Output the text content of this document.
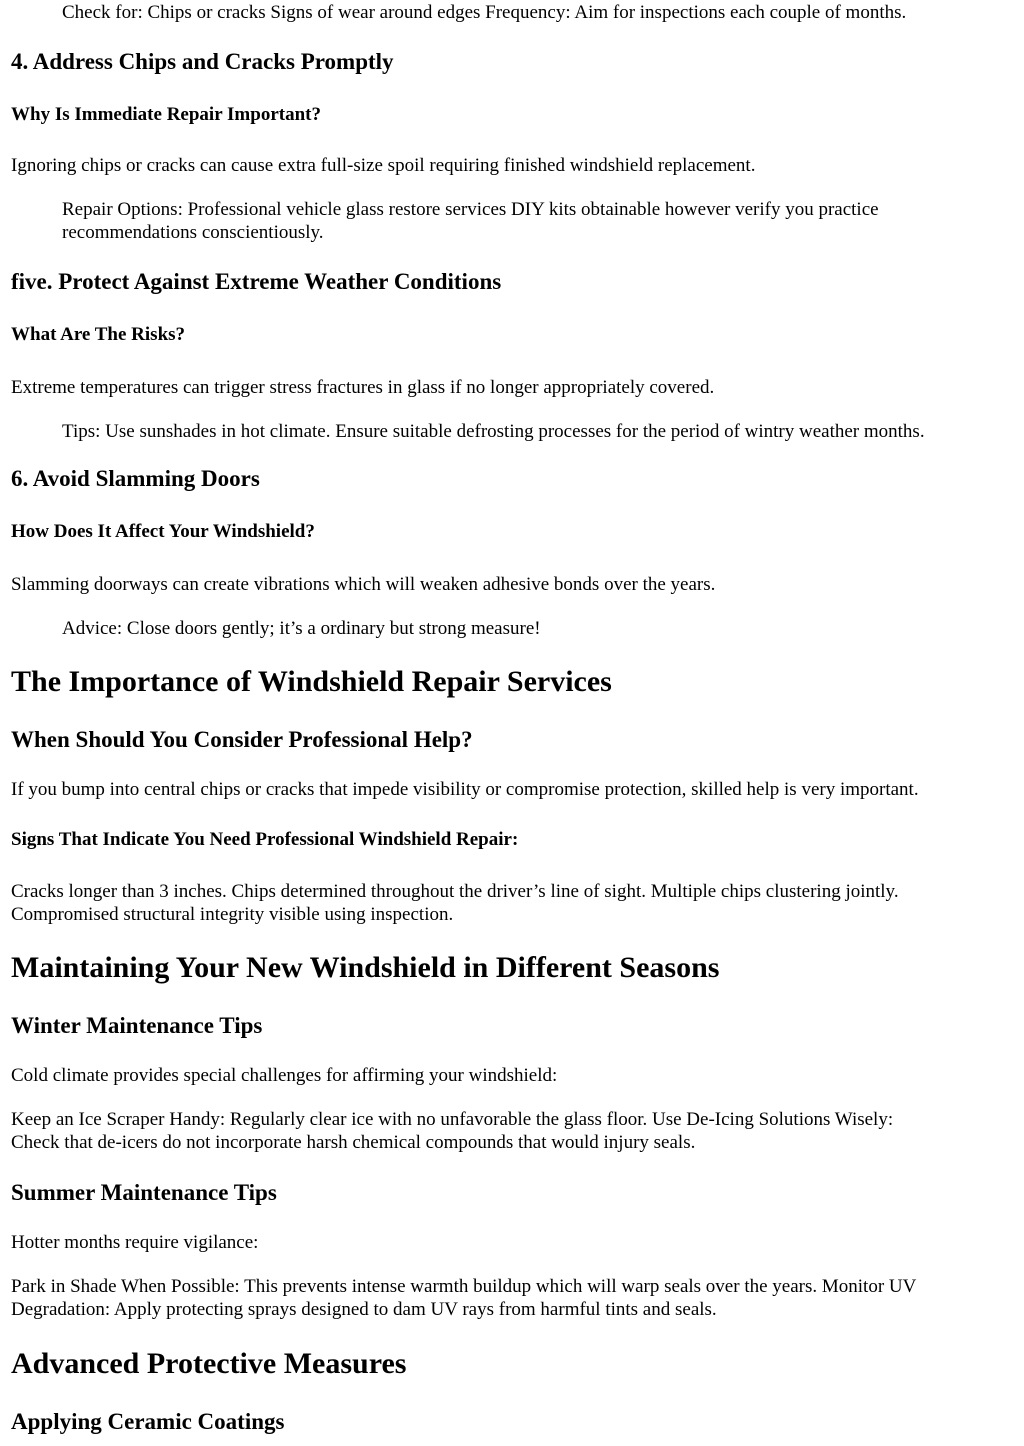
Check for: Chips or cracks Signs of wear around edges Frequency: Aim for inspections each couple of months.

4. Address Chips and Cracks Promptly
Why Is Immediate Repair Important?

Ignoring chips or cracks can cause extra full-size spoil requiring finished windshield replacement.

Repair Options: Professional vehicle glass restore services DIY kits obtainable however verify you practice

recommendations conscientiously.

five. Protect Against Extreme Weather Conditions
What Are The Risks?

Extreme temperatures can trigger stress fractures in glass if no longer appropriately covered.

Tips: Use sunshades in hot climate. Ensure suitable defrosting processes for the period of wintry weather months.

6. Avoid Slamming Doors
How Does It Affect Your Windshield?

Slamming doorways can create vibrations which will weaken adhesive bonds over the years.

Advice: Close doors gently; it’s a ordinary but strong measure!

The Importance of Windshield Repair Services
When Should You Consider Professional Help?

If you bump into central chips or cracks that impede visibility or compromise protection, skilled help is very important.

Signs That Indicate You Need Professional Windshield Repair:

Cracks longer than 3 inches. Chips determined throughout the driver’s line of sight. Multiple chips clustering jointly.

Compromised structural integrity visible using inspection.

Maintaining Your New Windshield in Different Seasons
Winter Maintenance Tips

Cold climate provides special challenges for affirming your windshield:

Keep an Ice Scraper Handy: Regularly clear ice with no unfavorable the glass floor. Use De-Icing Solutions Wisely:

Check that de-icers do not incorporate harsh chemical compounds that would injury seals.

Summer Maintenance Tips

Hotter months require vigilance:

Park in Shade When Possible: This prevents intense warmth buildup which will warp seals over the years. Monitor UV

Degradation: Apply protecting sprays designed to dam UV rays from harmful tints and seals.

Advanced Protective Measures
Applying Ceramic Coatings
